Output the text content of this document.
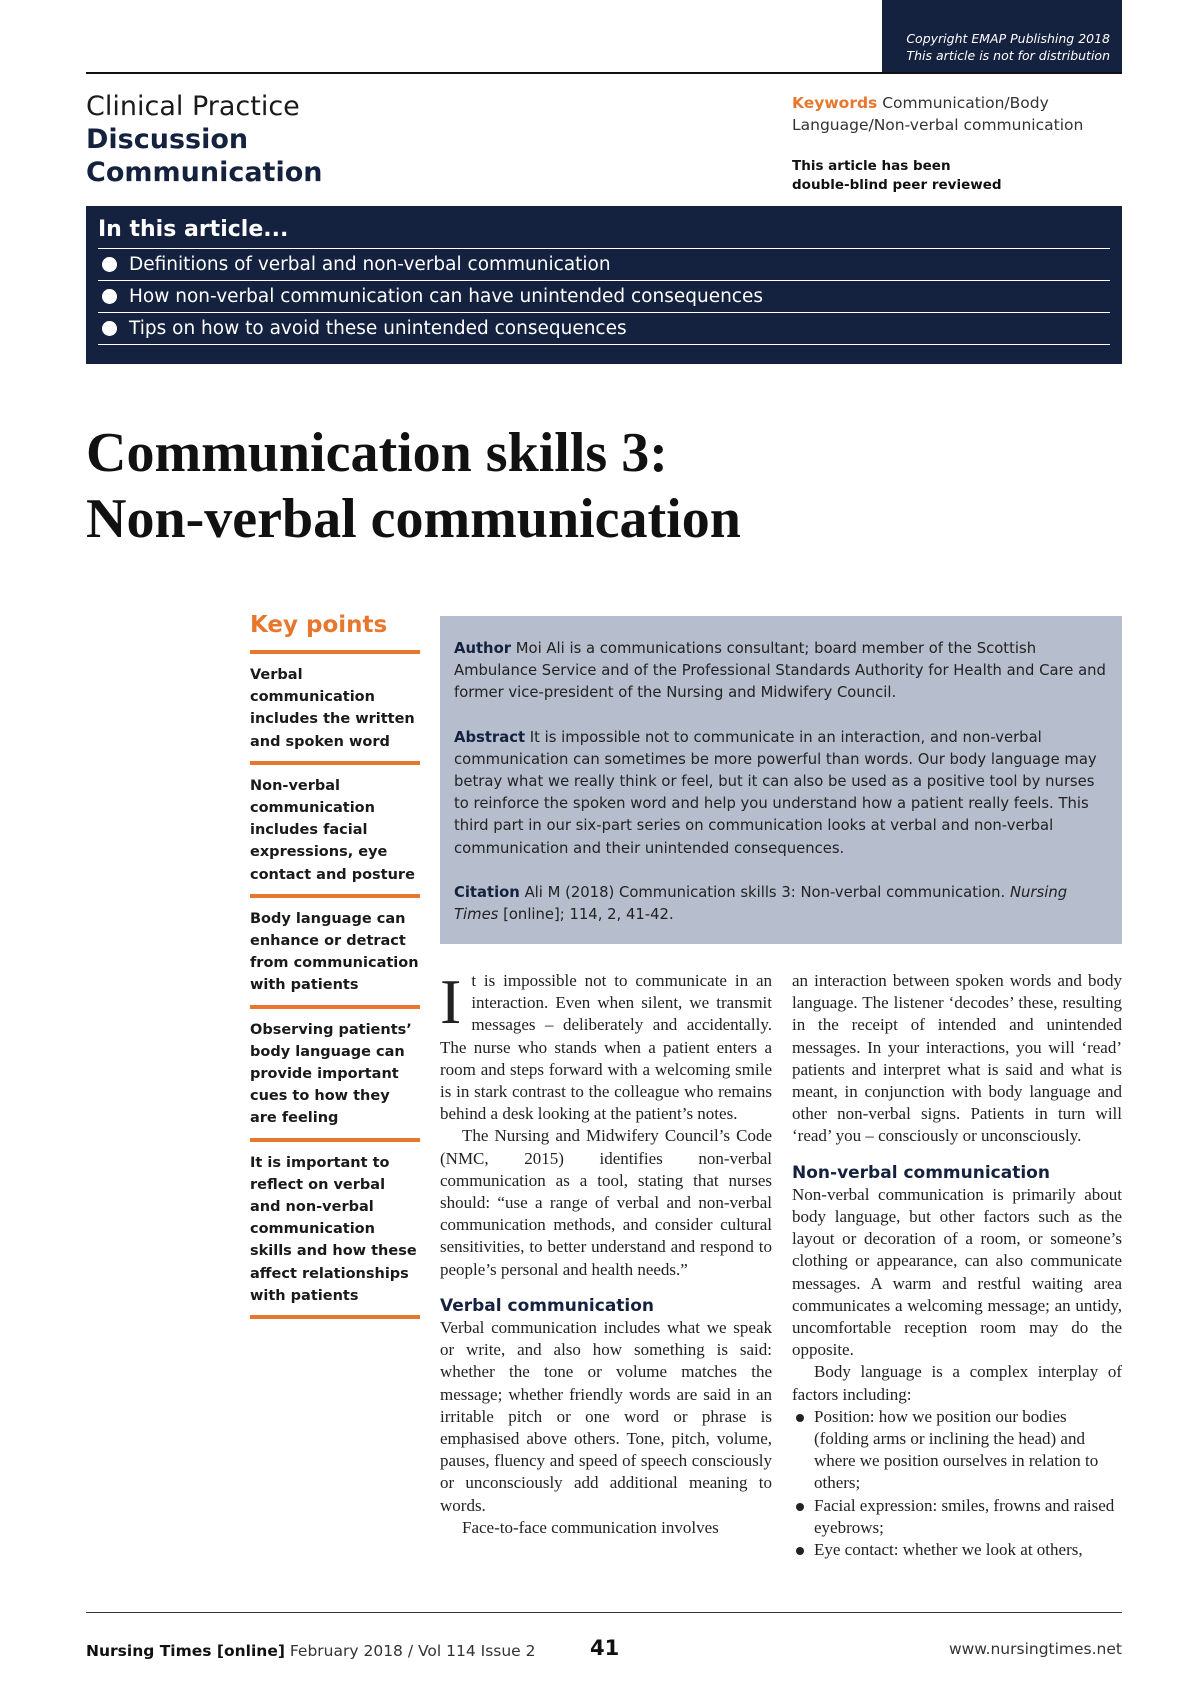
Copyright EMAP Publishing 2018
This article is not for distribution
Clinical Practice
Discussion
Communication
Keywords Communication/Body Language/Non-verbal communication
This article has been
double-blind peer reviewed
In this article...
Definitions of verbal and non-verbal communication
How non-verbal communication can have unintended consequences
Tips on how to avoid these unintended consequences
Communication skills 3:
Non-verbal communication
Key points
Verbal communication includes the written and spoken word
Non-verbal communication includes facial expressions, eye contact and posture
Body language can enhance or detract from communication with patients
Observing patients’ body language can provide important cues to how they are feeling
It is important to reflect on verbal and non-verbal communication skills and how these affect relationships with patients

Author Moi Ali is a communications consultant; board member of the Scottish Ambulance Service and of the Professional Standards Authority for Health and Care and former vice-president of the Nursing and Midwifery Council.

Abstract It is impossible not to communicate in an interaction, and non-verbal communication can sometimes be more powerful than words. Our body language may betray what we really think or feel, but it can also be used as a positive tool by nurses to reinforce the spoken word and help you understand how a patient really feels. This third part in our six-part series on communication looks at verbal and non-verbal communication and their unintended consequences.

Citation Ali M (2018) Communication skills 3: Non-verbal communication. Nursing Times [online]; 114, 2, 41-42.

It is impossible not to communicate in an interaction. Even when silent, we transmit messages – deliberately and accidentally. The nurse who stands when a patient enters a room and steps forward with a welcoming smile is in stark contrast to the colleague who remains behind a desk looking at the patient’s notes.

The Nursing and Midwifery Council’s Code (NMC, 2015) identifies non-verbal communication as a tool, stating that nurses should: “use a range of verbal and non-verbal communication methods, and consider cultural sensitivities, to better understand and respond to people’s personal and health needs.”

Verbal communication

Verbal communication includes what we speak or write, and also how something is said: whether the tone or volume matches the message; whether friendly words are said in an irritable pitch or one word or phrase is emphasised above others. Tone, pitch, volume, pauses, fluency and speed of speech consciously or unconsciously add additional meaning to words.

Face-to-face communication involves

an interaction between spoken words and body language. The listener ‘decodes’ these, resulting in the receipt of intended and unintended messages. In your interactions, you will ‘read’ patients and interpret what is said and what is meant, in conjunction with body language and other non-verbal signs. Patients in turn will ‘read’ you – consciously or unconsciously.

Non-verbal communication

Non-verbal communication is primarily about body language, but other factors such as the layout or decoration of a room, or someone’s clothing or appearance, can also communicate messages. A warm and restful waiting area communicates a welcoming message; an untidy, uncomfortable reception room may do the opposite.

Body language is a complex interplay of factors including:

Position: how we position our bodies (folding arms or inclining the head) and where we position ourselves in relation to others;
Facial expression: smiles, frowns and raised eyebrows;
Eye contact: whether we look at others,
Nursing Times [online] February 2018 / Vol 114 Issue 2	41	www.nursingtimes.net
